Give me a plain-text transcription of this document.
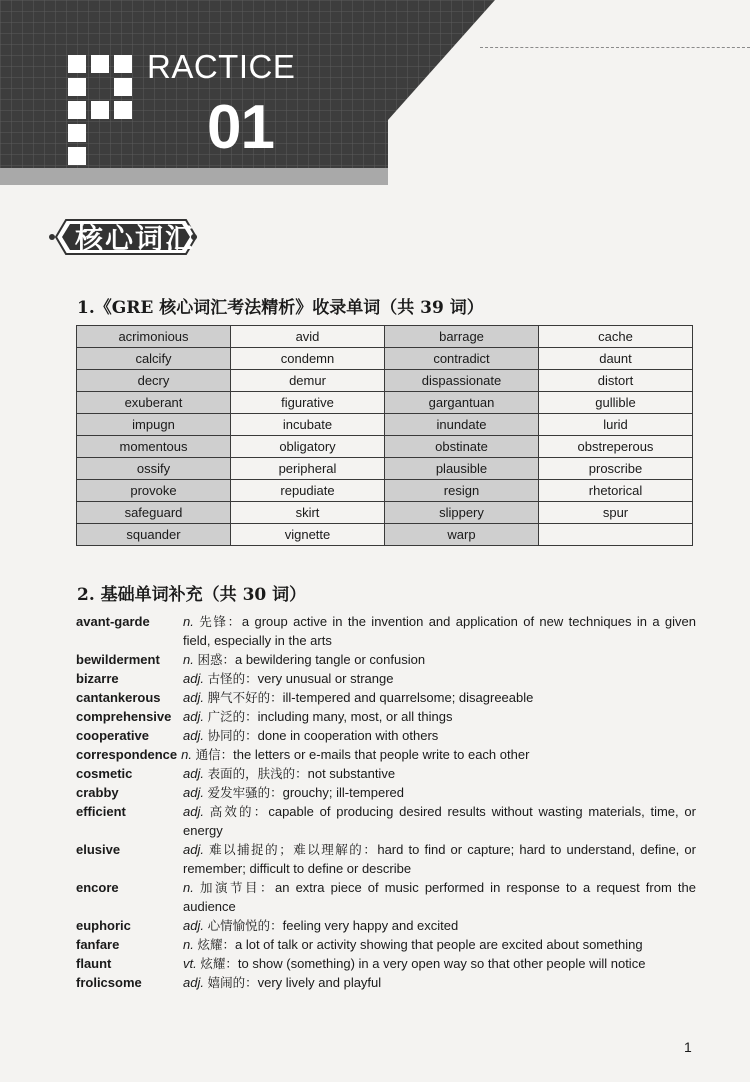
RACTICE
01
核心词汇
1.《GRE 核心词汇考法精析》收录单词（共 39 词）
acrimonious	avid	barrage	cache
calcify	condemn	contradict	daunt
decry	demur	dispassionate	distort
exuberant	figurative	gargantuan	gullible
impugn	incubate	inundate	lurid
momentous	obligatory	obstinate	obstreperous
ossify	peripheral	plausible	proscribe
provoke	repudiate	resign	rhetorical
safeguard	skirt	slippery	spur
squander	vignette	warp	
2. 基础单词补充（共 30 词）
avant-garde	n. 先锋：a group active in the invention and application of new techniques in a given field, especially in the arts
bewilderment	n. 困惑：a bewildering tangle or confusion
bizarre	adj. 古怪的：very unusual or strange
cantankerous	adj. 脾气不好的：ill-tempered and quarrelsome; disagreeable
comprehensive adj. 广泛的：including many, most, or all things
cooperative	adj. 协同的：done in cooperation with others
correspondence n. 通信：the letters or e-mails that people write to each other
cosmetic	adj. 表面的，肤浅的：not substantive
crabby	adj. 爱发牢骚的：grouchy; ill-tempered
efficient	adj. 高效的：capable of producing desired results without wasting materials, time, or energy
elusive	adj. 难以捕捉的；难以理解的：hard to find or capture; hard to understand, define, or remember; difficult to define or describe
encore	n. 加演节目：an extra piece of music performed in response to a request from the audience
euphoric	adj. 心情愉悦的：feeling very happy and excited
fanfare	n. 炫耀：a lot of talk or activity showing that people are excited about something
flaunt	vt. 炫耀：to show (something) in a very open way so that other people will notice
frolicsome	adj. 嬉闹的：very lively and playful
1
